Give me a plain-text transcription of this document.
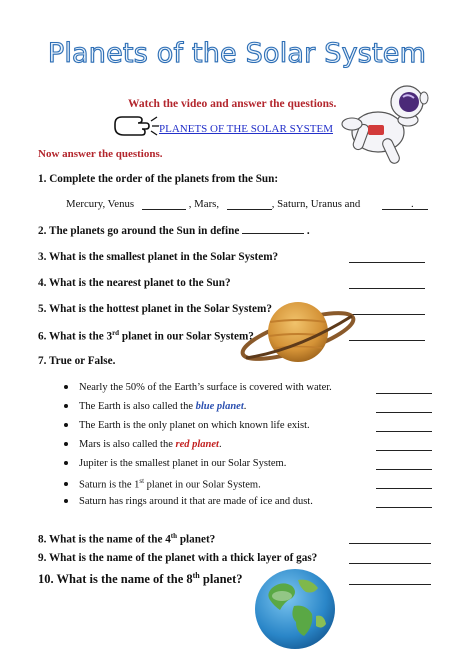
Planets of the Solar System
Watch the video and answer the questions.
PLANETS OF THE SOLAR SYSTEM
Now answer the questions.
1. Complete the order of the planets from the Sun:
Mercury, Venus	, Mars,	, Saturn, Uranus and	.
2. The planets go around the Sun in define	.
3. What is the smallest planet in the Solar System?
4. What is the nearest planet to the Sun?
5. What is the hottest planet in the Solar System?
6. What is the 3rd planet in our Solar System?
7. True or False.
Nearly the 50% of the Earth’s surface is covered with water.
The Earth is also called the blue planet.
The Earth is the only planet on which known life exist.
Mars is also called the red planet.
Jupiter is the smallest planet in our Solar System.
Saturn is the 1st planet in our Solar System.
Saturn has rings around it that are made of ice and dust.
8. What is the name of the 4th planet?
9. What is the name of the planet with a thick layer of gas?
10. What is the name of the 8th planet?
